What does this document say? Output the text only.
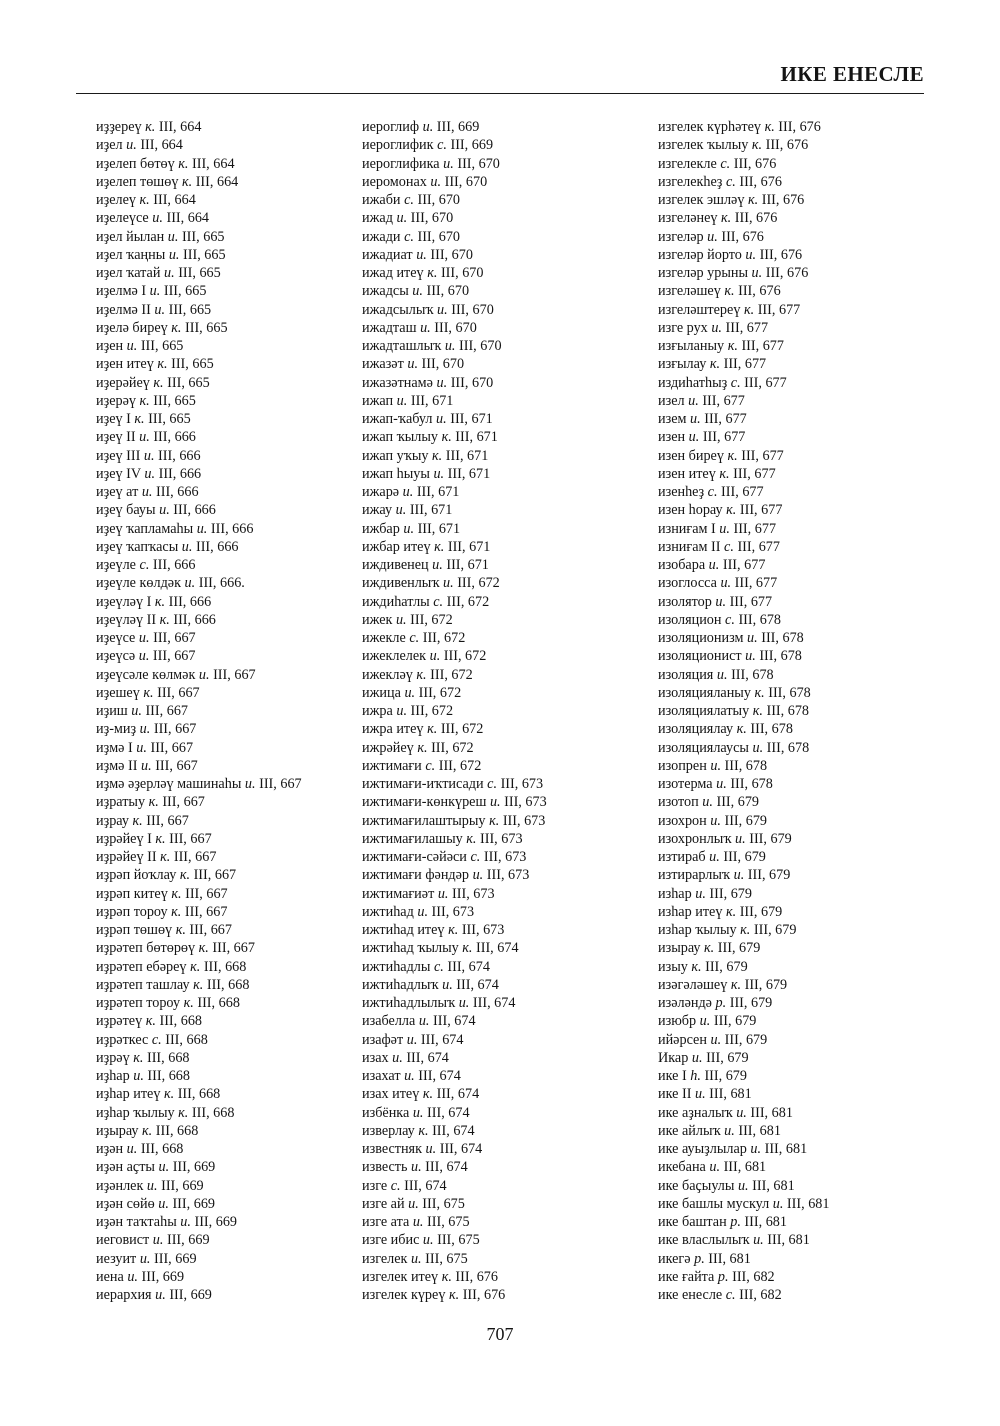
ИКЕ ЕНЕСЛЕ
иҙҙереү к. III, 664
иҙел и. III, 664
иҙелеп бөтөү к. III, 664
иҙелеп төшөү к. III, 664
иҙелеү к. III, 664
иҙелеүсе и. III, 664
иҙел йылан и. III, 665
иҙел ҡаңны и. III, 665
иҙел ҡатай и. III, 665
иҙелмә I и. III, 665
иҙелмә II и. III, 665
иҙелә биреү к. III, 665
иҙен и. III, 665
иҙен итеү к. III, 665
иҙерәйеү к. III, 665
иҙерәү к. III, 665
иҙеү I к. III, 665
иҙеү II и. III, 666
иҙеү III и. III, 666
иҙеү IV и. III, 666
иҙеү ат и. III, 666
иҙеү бауы и. III, 666
иҙеү ҡапламаһы и. III, 666
иҙеү ҡапҡасы и. III, 666
иҙеүле с. III, 666
иҙеүле көлдәк и. III, 666.
иҙеүләү I к. III, 666
иҙеүләү II к. III, 666
иҙеүсе и. III, 667
иҙеүсә и. III, 667
иҙеүсәле көлмәк и. III, 667
иҙешеү к. III, 667
иҙиш и. III, 667
иҙ-миҙ и. III, 667
иҙмә I и. III, 667
иҙмә II и. III, 667
иҙмә әҙерләү машинаһы и. III, 667
иҙратыу к. III, 667
иҙрау к. III, 667
иҙрәйеү I к. III, 667
иҙрәйеү II к. III, 667
иҙрәп йоҡлау к. III, 667
иҙрәп китеү к. III, 667
иҙрәп тороу к. III, 667
иҙрәп төшөү к. III, 667
иҙрәтеп бөтөрөү к. III, 667
иҙрәтеп ебәреү к. III, 668
иҙрәтеп ташлау к. III, 668
иҙрәтеп тороу к. III, 668
иҙрәтеү к. III, 668
иҙрәткес с. III, 668
иҙрәү к. III, 668
иҙһар и. III, 668
иҙһар итеү к. III, 668
иҙһар ҡылыу к. III, 668
иҙырау к. III, 668
иҙән и. III, 668
иҙән аҫты и. III, 669
иҙәнлек и. III, 669
иҙән сөйө и. III, 669
иҙән таҡтаһы и. III, 669
иеговист и. III, 669
иезуит и. III, 669
иена и. III, 669
иерархия и. III, 669
иероглиф и. III, 669
иероглифик с. III, 669
иероглифика и. III, 670
иеромонах и. III, 670
ижаби с. III, 670
ижад и. III, 670
ижади с. III, 670
ижадиат и. III, 670
ижад итеү к. III, 670
ижадсы и. III, 670
ижадсылыҡ и. III, 670
ижадташ и. III, 670
ижадташлыҡ и. III, 670
ижазәт и. III, 670
ижазәтнамә и. III, 670
ижап и. III, 671
ижап-ҡабул и. III, 671
ижап ҡылыу к. III, 671
ижап уҡыу к. III, 671
ижап һыуы и. III, 671
ижарә и. III, 671
ижау и. III, 671
ижбар и. III, 671
ижбар итеү к. III, 671
иждивенец и. III, 671
иждивенлыҡ и. III, 672
иждиһатлы с. III, 672
ижек и. III, 672
ижекле с. III, 672
ижеклелек и. III, 672
ижекләү к. III, 672
ижица и. III, 672
ижра и. III, 672
ижра итеү к. III, 672
ижрәйеү к. III, 672
ижтимағи с. III, 672
ижтимағи-иҡтисади с. III, 673
ижтимағи-көнкүреш и. III, 673
ижтимағилаштырыу к. III, 673
ижтимағилашыу к. III, 673
ижтимағи-сәйәси с. III, 673
ижтимағи фәндәр и. III, 673
ижтимағиәт и. III, 673
ижтиһад и. III, 673
ижтиһад итеү к. III, 673
ижтиһад ҡылыу к. III, 674
ижтиһадлы с. III, 674
ижтиһадлыҡ и. III, 674
ижтиһадлылыҡ и. III, 674
изабелла и. III, 674
изафәт и. III, 674
изах и. III, 674
изахат и. III, 674
изах итеү к. III, 674
избёнка и. III, 674
изверлау к. III, 674
известняк и. III, 674
известь и. III, 674
изге с. III, 674
изге ай и. III, 675
изге ата и. III, 675
изге ибис и. III, 675
изгелек и. III, 675
изгелек итеү к. III, 676
изгелек күреү к. III, 676
изгелек күрһәтеү к. III, 676
изгелек ҡылыу к. III, 676
изгелекле с. III, 676
изгелекһеҙ с. III, 676
изгелек эшләү к. III, 676
изгеләнеү к. III, 676
изгеләр и. III, 676
изгеләр йорто и. III, 676
изгеләр урыны и. III, 676
изгеләшеү к. III, 676
изгеләштереү к. III, 677
изге рух и. III, 677
изғыланыу к. III, 677
изғылау к. III, 677
издиһатһыҙ с. III, 677
изел и. III, 677
изем и. III, 677
изен и. III, 677
изен биреү к. III, 677
изен итеү к. III, 677
изенһеҙ с. III, 677
изен һорау к. III, 677
изниғам I и. III, 677
изниғам II с. III, 677
изобара и. III, 677
изоглосса и. III, 677
изолятор и. III, 677
изоляцион с. III, 678
изоляционизм и. III, 678
изоляционист и. III, 678
изоляция и. III, 678
изоляцияланыу к. III, 678
изоляциялатыу к. III, 678
изоляциялау к. III, 678
изоляциялаусы и. III, 678
изопрен и. III, 678
изотерма и. III, 678
изотоп и. III, 679
изохрон и. III, 679
изохронлыҡ и. III, 679
изтираб и. III, 679
изтирарлыҡ и. III, 679
изһар и. III, 679
изһар итеү к. III, 679
изһар ҡылыу к. III, 679
изырау к. III, 679
изыу к. III, 679
изәгәләшеү к. III, 679
изәләндә р. III, 679
изюбр и. III, 679
ийәрсен и. III, 679
Икар и. III, 679
ике I h. III, 679
ике II и. III, 681
ике аҙналыҡ и. III, 681
ике айлыҡ и. III, 681
ике ауыҙлылар и. III, 681
икебана и. III, 681
ике баҫыулы и. III, 681
ике башлы мускул и. III, 681
ике баштан р. III, 681
ике власлылыҡ и. III, 681
икегә р. III, 681
ике ғайта р. III, 682
ике енесле с. III, 682
707
